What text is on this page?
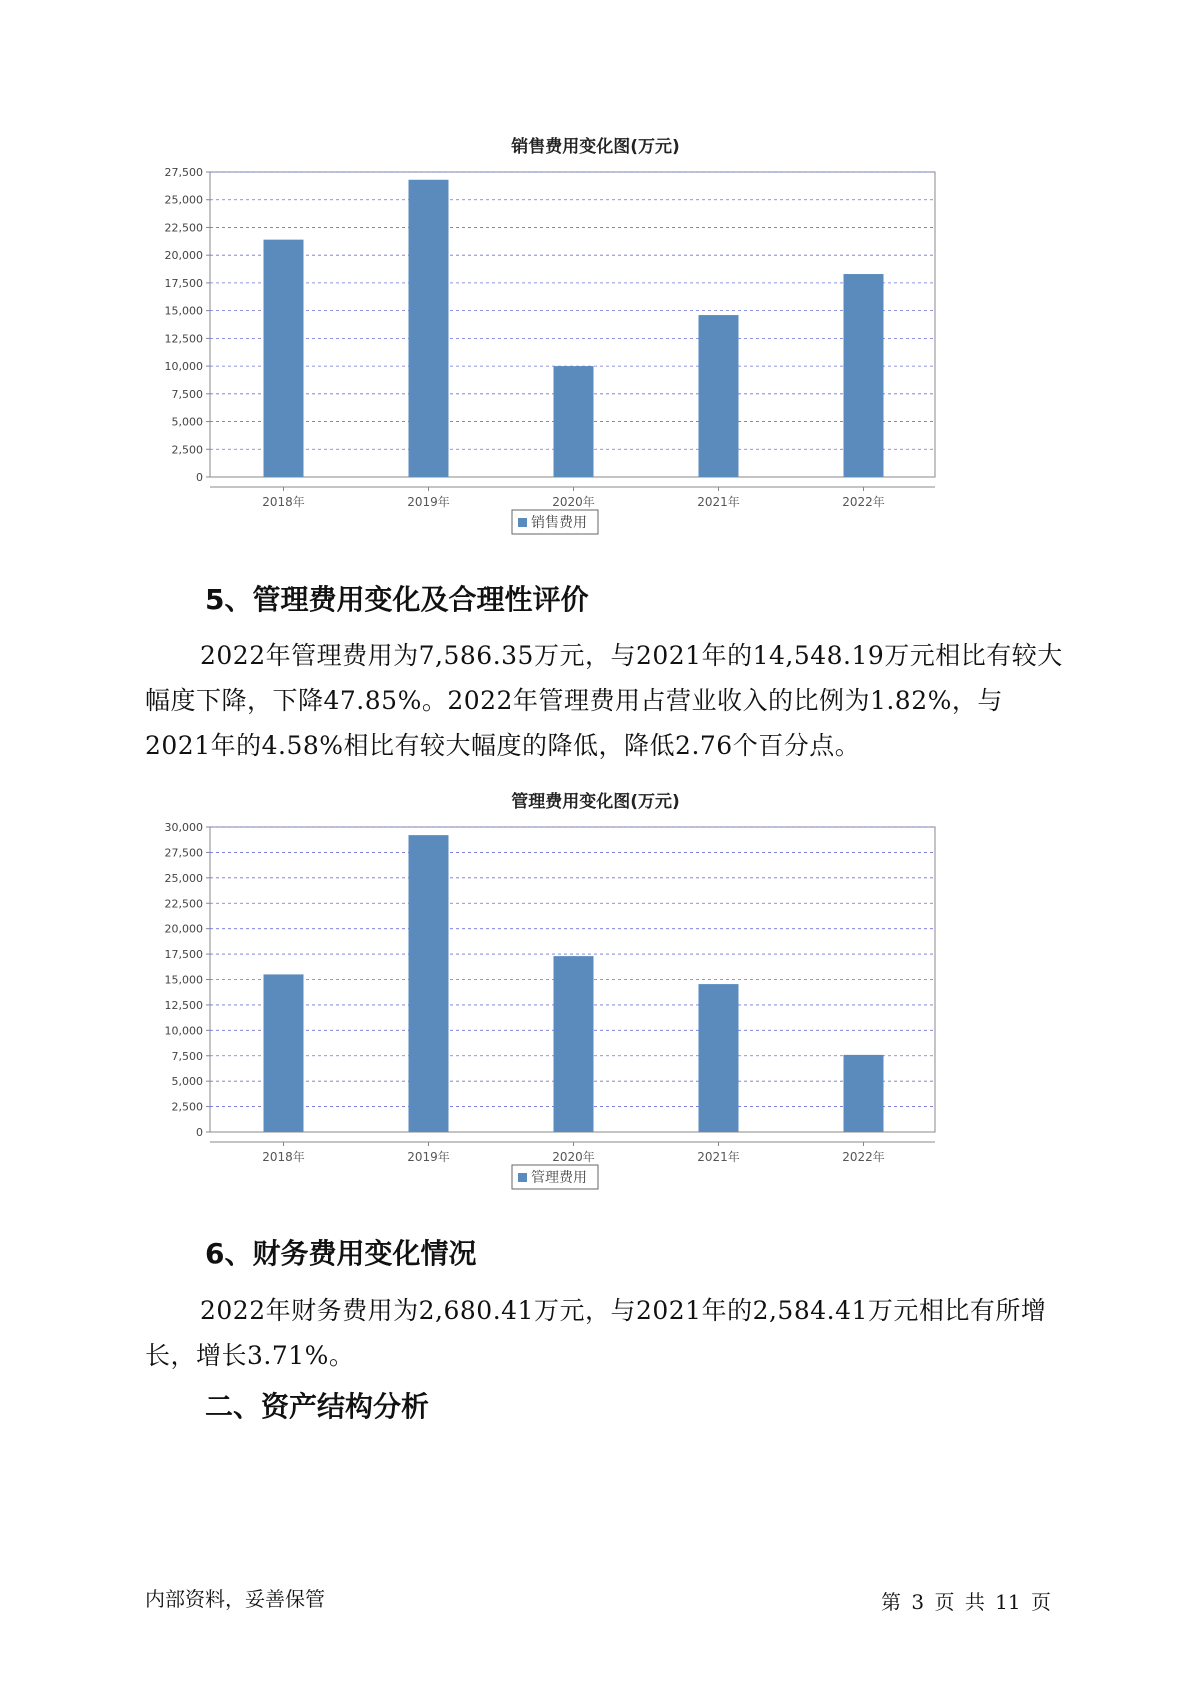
销售费用变化图(万元)
0
2,500
5,000
7,500
10,000
12,500
15,000
17,500
20,000
22,500
25,000
27,500
2018年	2019年	2020年	2021年	2022年
销售费用
5、管理费用变化及合理性评价
2022年管理费用为7,586.35万元，与2021年的14,548.19万元相比有较大幅度下降，下降47.85%。2022年管理费用占营业收入的比例为1.82%，与2021年的4.58%相比有较大幅度的降低，降低2.76个百分点。
管理费用变化图(万元)
0
2,500
5,000
7,500
10,000
12,500
15,000
17,500
20,000
22,500
25,000
27,500
30,000
2018年	2019年	2020年	2021年	2022年
管理费用
6、财务费用变化情况
2022年财务费用为2,680.41万元，与2021年的2,584.41万元相比有所增长，增长3.71%。
二、资产结构分析
内部资料，妥善保管	第 3 页 共 11 页
